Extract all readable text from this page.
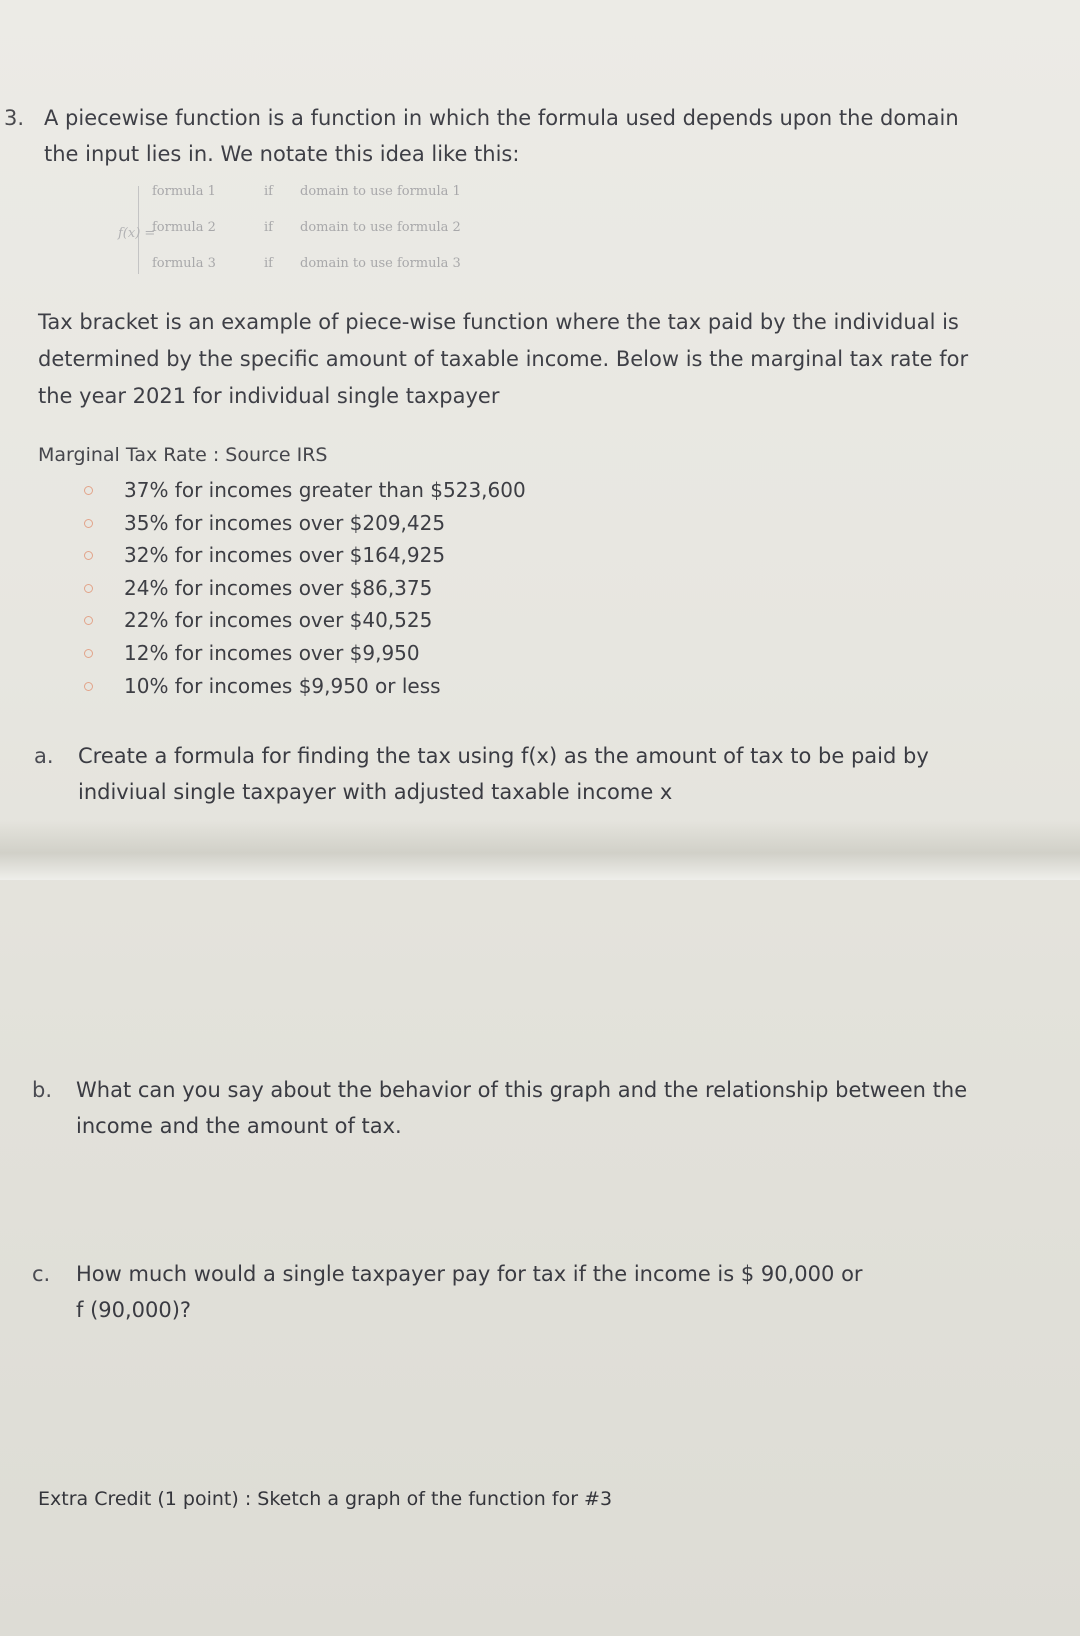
3. A piecewise function is a function in which the formula used depends upon the domain
the input lies in. We notate this idea like this:
f(x) =
formula 1	if domain to use formula 1
formula 2	if domain to use formula 2
formula 3	if domain to use formula 3
Tax bracket is an example of piece-wise function where the tax paid by the individual is
determined by the specific amount of taxable income. Below is the marginal tax rate for
the year 2021 for individual single taxpayer
Marginal Tax Rate : Source IRS
37% for incomes greater than $523,600
35% for incomes over $209,425
32% for incomes over $164,925
24% for incomes over $86,375
22% for incomes over $40,525
12% for incomes over $9,950
10% for incomes $9,950 or less
a. Create a formula for finding the tax using f(x) as the amount of tax to be paid by
indiviual single taxpayer with adjusted taxable income x
b. What can you say about the behavior of this graph and the relationship between the
income and the amount of tax.
c. How much would a single taxpayer pay for tax if the income is $ 90,000 or
f (90,000)?
Extra Credit (1 point) : Sketch a graph of the function for #3
